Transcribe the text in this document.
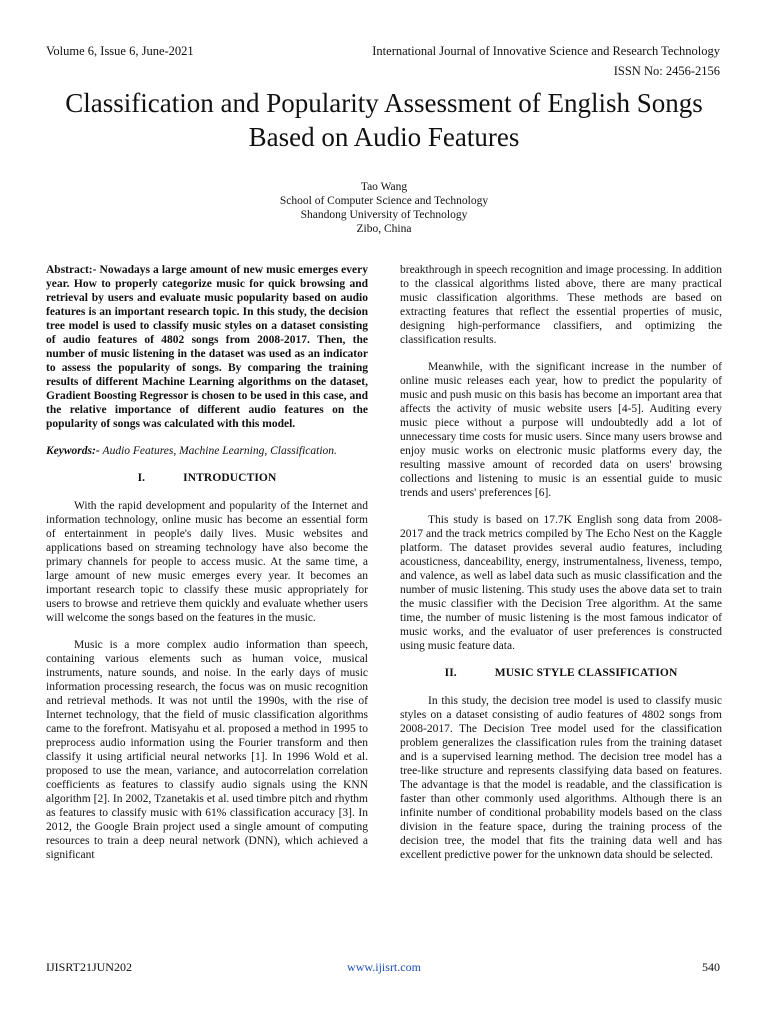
Volume 6, Issue 6, June-2021	International Journal of Innovative Science and Research Technology
ISSN No: 2456-2156
Classification and Popularity Assessment of English Songs Based on Audio Features
Tao Wang
School of Computer Science and Technology
Shandong University of Technology
Zibo, China

Abstract:- Nowadays a large amount of new music emerges every year. How to properly categorize music for quick browsing and retrieval by users and evaluate music popularity based on audio features is an important research topic. In this study, the decision tree model is used to classify music styles on a dataset consisting of audio features of 4802 songs from 2008-2017. Then, the number of music listening in the dataset was used as an indicator to assess the popularity of songs. By comparing the training results of different Machine Learning algorithms on the dataset, Gradient Boosting Regressor is chosen to be used in this case, and the relative importance of different audio features on the popularity of songs was calculated with this model.

Keywords:- Audio Features, Machine Learning, Classification.

I.	INTRODUCTION

With the rapid development and popularity of the Internet and information technology, online music has become an essential form of entertainment in people's daily lives. Music websites and applications based on streaming technology have also become the primary channels for people to access music. At the same time, a large amount of new music emerges every year. It becomes an important research topic to classify these music appropriately for users to browse and retrieve them quickly and evaluate whether users will welcome the songs based on the features in the music.

Music is a more complex audio information than speech, containing various elements such as human voice, musical instruments, nature sounds, and noise. In the early days of music information processing research, the focus was on music recognition and retrieval methods. It was not until the 1990s, with the rise of Internet technology, that the field of music classification algorithms came to the forefront. Matisyahu et al. proposed a method in 1995 to preprocess audio information using the Fourier transform and then classify it using artificial neural networks [1]. In 1996 Wold et al. proposed to use the mean, variance, and autocorrelation correlation coefficients as features to classify audio signals using the KNN algorithm [2]. In 2002, Tzanetakis et al. used timbre pitch and rhythm as features to classify music with 61% classification accuracy [3]. In 2012, the Google Brain project used a single amount of computing resources to train a deep neural network (DNN), which achieved a significant

breakthrough in speech recognition and image processing. In addition to the classical algorithms listed above, there are many practical music classification algorithms. These methods are based on extracting features that reflect the essential properties of music, designing high-performance classifiers, and optimizing the classification results.

Meanwhile, with the significant increase in the number of online music releases each year, how to predict the popularity of music and push music on this basis has become an important area that affects the activity of music website users [4-5]. Auditing every music piece without a purpose will undoubtedly add a lot of unnecessary time costs for music users. Since many users browse and enjoy music works on electronic music platforms every day, the resulting massive amount of recorded data on users' browsing collections and listening to music is an essential guide to music trends and users' preferences [6].

This study is based on 17.7K English song data from 2008-2017 and the track metrics compiled by The Echo Nest on the Kaggle platform. The dataset provides several audio features, including acousticness, danceability, energy, instrumentalness, liveness, tempo, and valence, as well as label data such as music classification and the number of music listening. This study uses the above data set to train the music classifier with the Decision Tree algorithm. At the same time, the number of music listening is the most famous indicator of music works, and the evaluator of user preferences is constructed using music feature data.

II.	MUSIC STYLE CLASSIFICATION

In this study, the decision tree model is used to classify music styles on a dataset consisting of audio features of 4802 songs from 2008-2017. The Decision Tree model used for the classification problem generalizes the classification rules from the training dataset and is a supervised learning method. The decision tree model has a tree-like structure and represents classifying data based on features. The advantage is that the model is readable, and the classification is faster than other commonly used algorithms. Although there is an infinite number of conditional probability models based on the class division in the feature space, during the training process of the decision tree, the model that fits the training data well and has excellent predictive power for the unknown data should be selected.

IJISRT21JUN202	www.ijisrt.com	540
